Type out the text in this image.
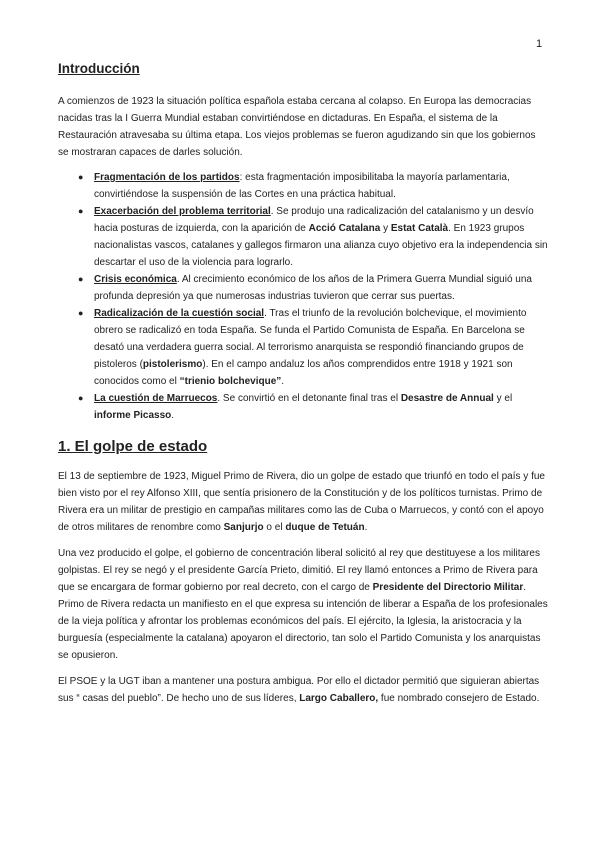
1
Introducción

A comienzos de 1923 la situación política española estaba cercana al colapso. En Europa las democracias nacidas tras la I Guerra Mundial estaban convirtiéndose en dictaduras. En España, el sistema de la Restauración atravesaba su última etapa. Los viejos problemas se fueron agudizando sin que los gobiernos se mostraran capaces de darles solución.

● Fragmentación de los partidos: esta fragmentación imposibilitaba la mayoría parlamentaria, convirtiéndose la suspensión de las Cortes en una práctica habitual.
● Exacerbación del problema territorial. Se produjo una radicalización del catalanismo y un desvío hacia posturas de izquierda, con la aparición de Acció Catalana y Estat Català. En 1923 grupos nacionalistas vascos, catalanes y gallegos firmaron una alianza cuyo objetivo era la independencia sin descartar el uso de la violencia para lograrlo.
● Crisis económica. Al crecimiento económico de los años de la Primera Guerra Mundial siguió una profunda depresión ya que numerosas industrias tuvieron que cerrar sus puertas.
● Radicalización de la cuestión social. Tras el triunfo de la revolución bolchevique, el movimiento obrero se radicalizó en toda España. Se funda el Partido Comunista de España. En Barcelona se desató una verdadera guerra social. Al terrorismo anarquista se respondió financiando grupos de pistoleros (pistolerismo). En el campo andaluz los años comprendidos entre 1918 y 1921 son conocidos como el “trienio bolchevique”.
● La cuestión de Marruecos. Se convirtió en el detonante final tras el Desastre de Annual y el informe Picasso.
1. El golpe de estado

El 13 de septiembre de 1923, Miguel Primo de Rivera, dio un golpe de estado que triunfó en todo el país y fue bien visto por el rey Alfonso XIII, que sentía prisionero de la Constitución y de los políticos turnistas. Primo de Rivera era un militar de prestigio en campañas militares como las de Cuba o Marruecos, y contó con el apoyo de otros militares de renombre como Sanjurjo o el duque de Tetuán.

Una vez producido el golpe, el gobierno de concentración liberal solicitó al rey que destituyese a los militares golpistas. El rey se negó y el presidente García Prieto, dimitió. El rey llamó entonces a Primo de Rivera para que se encargara de formar gobierno por real decreto, con el cargo de Presidente del Directorio Militar. Primo de Rivera redacta un manifiesto en el que expresa su intención de liberar a España de los profesionales de la vieja política y afrontar los problemas económicos del país. El ejército, la Iglesia, la aristocracia y la burguesía (especialmente la catalana) apoyaron el directorio, tan solo el Partido Comunista y los anarquistas se opusieron.

El PSOE y la UGT iban a mantener una postura ambigua. Por ello el dictador permitió que siguieran abiertas sus “ casas del pueblo”. De hecho uno de sus líderes, Largo Caballero, fue nombrado consejero de Estado.
